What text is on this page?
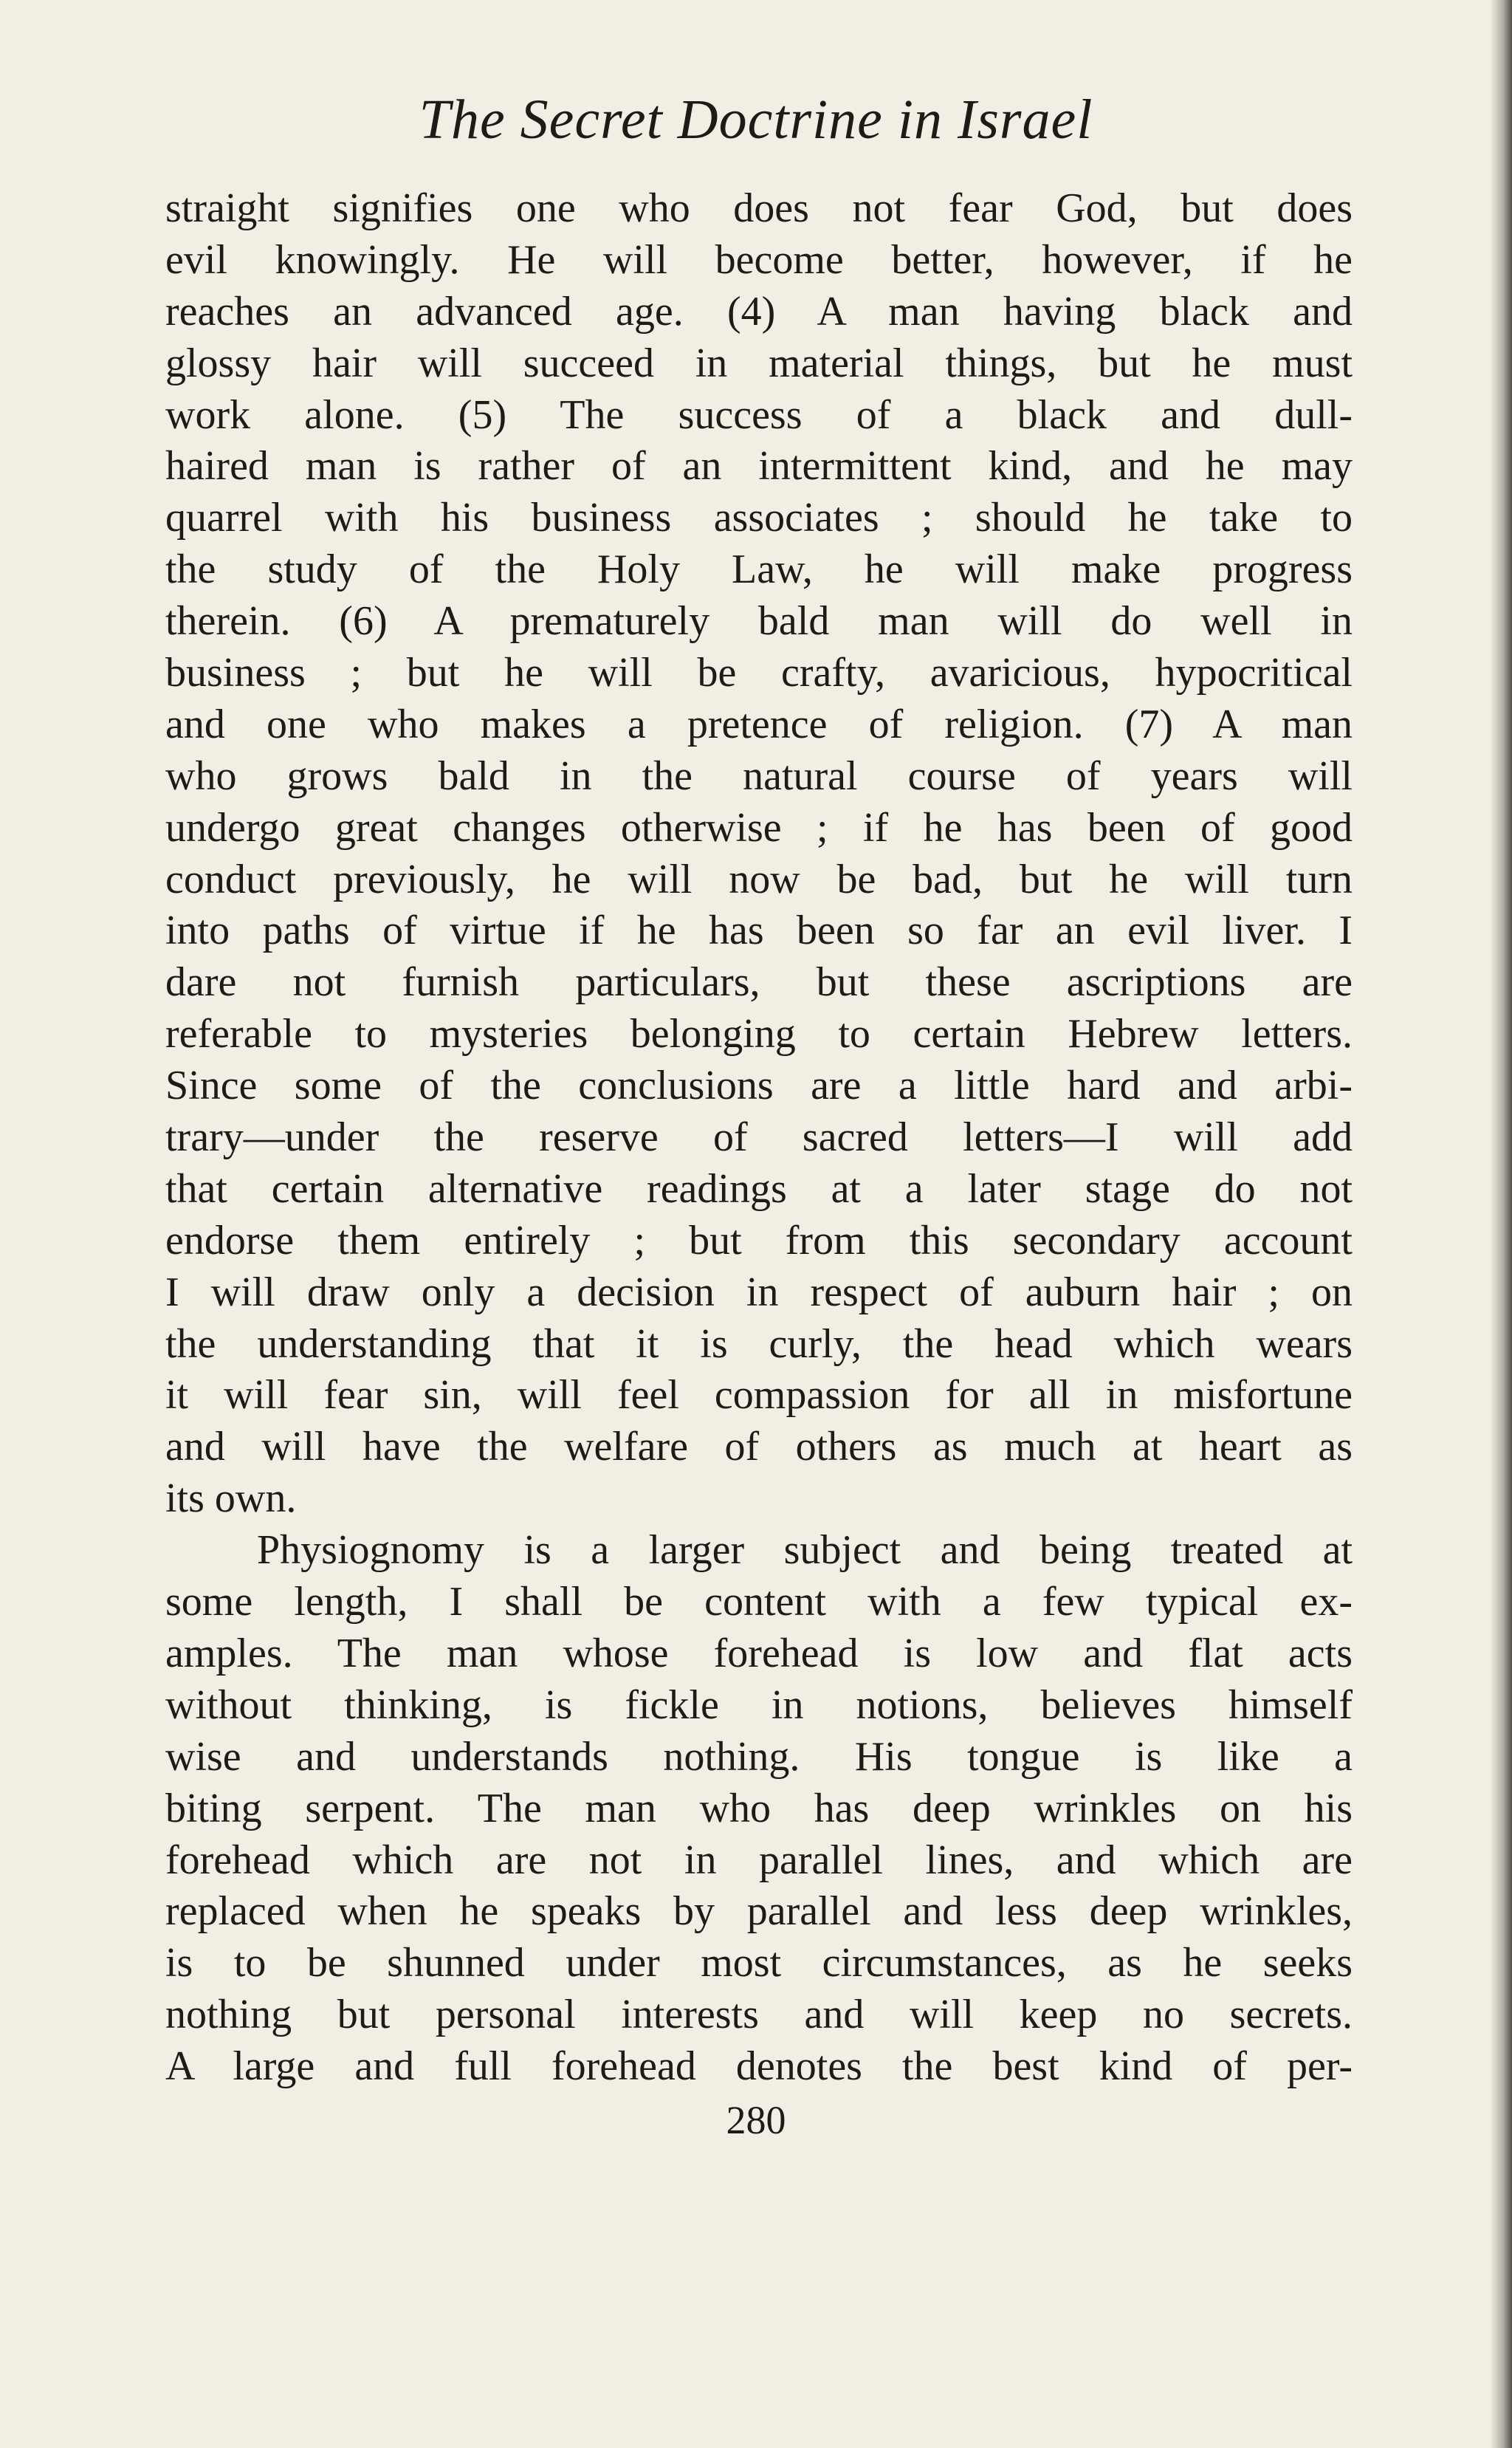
The Secret Doctrine in Israel
straight signifies one who does not fear God, but does
evil knowingly. He will become better, however, if he
reaches an advanced age. (4) A man having black and
glossy hair will succeed in material things, but he must
work alone. (5) The success of a black and dull-
haired man is rather of an intermittent kind, and he may
quarrel with his business associates ; should he take to
the study of the Holy Law, he will make progress
therein. (6) A prematurely bald man will do well in
business ; but he will be crafty, avaricious, hypocritical
and one who makes a pretence of religion. (7) A man
who grows bald in the natural course of years will
undergo great changes otherwise ; if he has been of good
conduct previously, he will now be bad, but he will turn
into paths of virtue if he has been so far an evil liver. I
dare not furnish particulars, but these ascriptions are
referable to mysteries belonging to certain Hebrew letters.
Since some of the conclusions are a little hard and arbi-
trary—under the reserve of sacred letters—I will add
that certain alternative readings at a later stage do not
endorse them entirely ; but from this secondary account
I will draw only a decision in respect of auburn hair ; on
the understanding that it is curly, the head which wears
it will fear sin, will feel compassion for all in misfortune
and will have the welfare of others as much at heart as
its own.
Physiognomy is a larger subject and being treated at
some length, I shall be content with a few typical ex-
amples. The man whose forehead is low and flat acts
without thinking, is fickle in notions, believes himself
wise and understands nothing. His tongue is like a
biting serpent. The man who has deep wrinkles on his
forehead which are not in parallel lines, and which are
replaced when he speaks by parallel and less deep wrinkles,
is to be shunned under most circumstances, as he seeks
nothing but personal interests and will keep no secrets.
A large and full forehead denotes the best kind of per-
280
